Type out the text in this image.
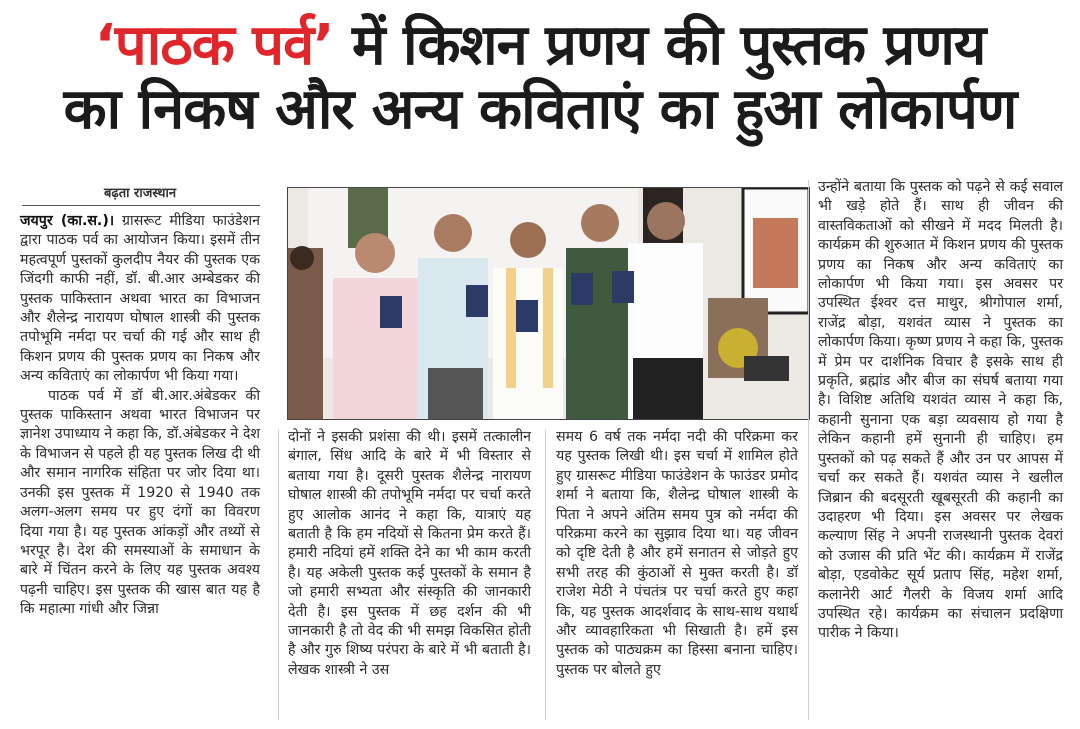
‘पाठक पर्व’ में किशन प्रणय की पुस्तक प्रणय
का निकष और अन्य कविताएं का हुआ लोकार्पण
बढ़ता राजस्थान

जयपुर (का.स.)। ग्रासरूट मीडिया फाउंडेशन द्वारा पाठक पर्व का आयोजन किया। इसमें तीन महत्वपूर्ण पुस्तकों कुलदीप नैयर की पुस्तक एक जिंदगी काफी नहीं, डॉ. बी.आर अम्बेडकर की पुस्तक पाकिस्तान अथवा भारत का विभाजन और शैलेन्द्र नारायण घोषाल शास्त्री की पुस्तक तपोभूमि नर्मदा पर चर्चा की गई और साथ ही किशन प्रणय की पुस्तक प्रणय का निकष और अन्य कविताएं का लोकार्पण भी किया गया।

पाठक पर्व में डॉ बी.आर.अंबेडकर की पुस्तक पाकिस्तान अथवा भारत विभाजन पर ज्ञानेश उपाध्याय ने कहा कि, डॉ.अंबेडकर ने देश के विभाजन से पहले ही यह पुस्तक लिख दी थी और समान नागरिक संहिता पर जोर दिया था। उनकी इस पुस्तक में 1920 से 1940 तक अलग-अलग समय पर हुए दंगों का विवरण दिया गया है। यह पुस्तक आंकड़ों और तथ्यों से भरपूर है। देश की समस्याओं के समाधान के बारे में चिंतन करने के लिए यह पुस्तक अवश्य पढ़नी चाहिए। इस पुस्तक की खास बात यह है कि महात्मा गांधी और जिन्ना

दोनों ने इसकी प्रशंसा की थी। इसमें तत्कालीन बंगाल, सिंध आदि के बारे में भी विस्तार से बताया गया है। दूसरी पुस्तक शैलेन्द्र नारायण घोषाल शास्त्री की तपोभूमि नर्मदा पर चर्चा करते हुए आलोक आनंद ने कहा कि, यात्राएं यह बताती है कि हम नदियों से कितना प्रेम करते हैं। हमारी नदियां हमें शक्ति देने का भी काम करती है। यह अकेली पुस्तक कई पुस्तकों के समान है जो हमारी सभ्यता और संस्कृति की जानकारी देती है। इस पुस्तक में छह दर्शन की भी जानकारी है तो वेद की भी समझ विकसित होती है और गुरु शिष्य परंपरा के बारे में भी बताती है। लेखक शास्त्री ने उस

समय 6 वर्ष तक नर्मदा नदी की परिक्रमा कर यह पुस्तक लिखी थी। इस चर्चा में शामिल होते हुए ग्रासरूट मीडिया फाउंडेशन के फाउंडर प्रमोद शर्मा ने बताया कि, शैलेन्द्र घोषाल शास्त्री के पिता ने अपने अंतिम समय पुत्र को नर्मदा की परिक्रमा करने का सुझाव दिया था। यह जीवन को दृष्टि देती है और हमें सनातन से जोड़ते हुए सभी तरह की कुंठाओं से मुक्त करती है। डॉ राजेश मेठी ने पंचतंत्र पर चर्चा करते हुए कहा कि, यह पुस्तक आदर्शवाद के साथ-साथ यथार्थ और व्यावहारिकता भी सिखाती है। हमें इस पुस्तक को पाठ्यक्रम का हिस्सा बनाना चाहिए। पुस्तक पर बोलते हुए

उन्होंने बताया कि पुस्तक को पढ़ने से कई सवाल भी खड़े होते हैं। साथ ही जीवन की वास्तविकताओं को सीखने में मदद मिलती है। कार्यक्रम की शुरुआत में किशन प्रणय की पुस्तक प्रणय का निकष और अन्य कविताएं का लोकार्पण भी किया गया। इस अवसर पर उपस्थित ईश्वर दत्त माथुर, श्रीगोपाल शर्मा, राजेंद्र बोड़ा, यशवंत व्यास ने पुस्तक का लोकार्पण किया। कृष्ण प्रणय ने कहा कि, पुस्तक में प्रेम पर दार्शनिक विचार है इसके साथ ही प्रकृति, ब्रह्मांड और बीज का संघर्ष बताया गया है। विशिष्ट अतिथि यशवंत व्यास ने कहा कि, कहानी सुनाना एक बड़ा व्यवसाय हो गया है लेकिन कहानी हमें सुनानी ही चाहिए। हम पुस्तकों को पढ़ सकते हैं और उन पर आपस में चर्चा कर सकते हैं। यशवंत व्यास ने खलील जिब्रान की बदसूरती खूबसूरती की कहानी का उदाहरण भी दिया। इस अवसर पर लेखक कल्याण सिंह ने अपनी राजस्थानी पुस्तक देवरां को उजास की प्रति भेंट की। कार्यक्रम में राजेंद्र बोड़ा, एडवोकेट सूर्य प्रताप सिंह, महेश शर्मा, कलानेरी आर्ट गैलरी के विजय शर्मा आदि उपस्थित रहे। कार्यक्रम का संचालन प्रदक्षिणा पारीक ने किया।
